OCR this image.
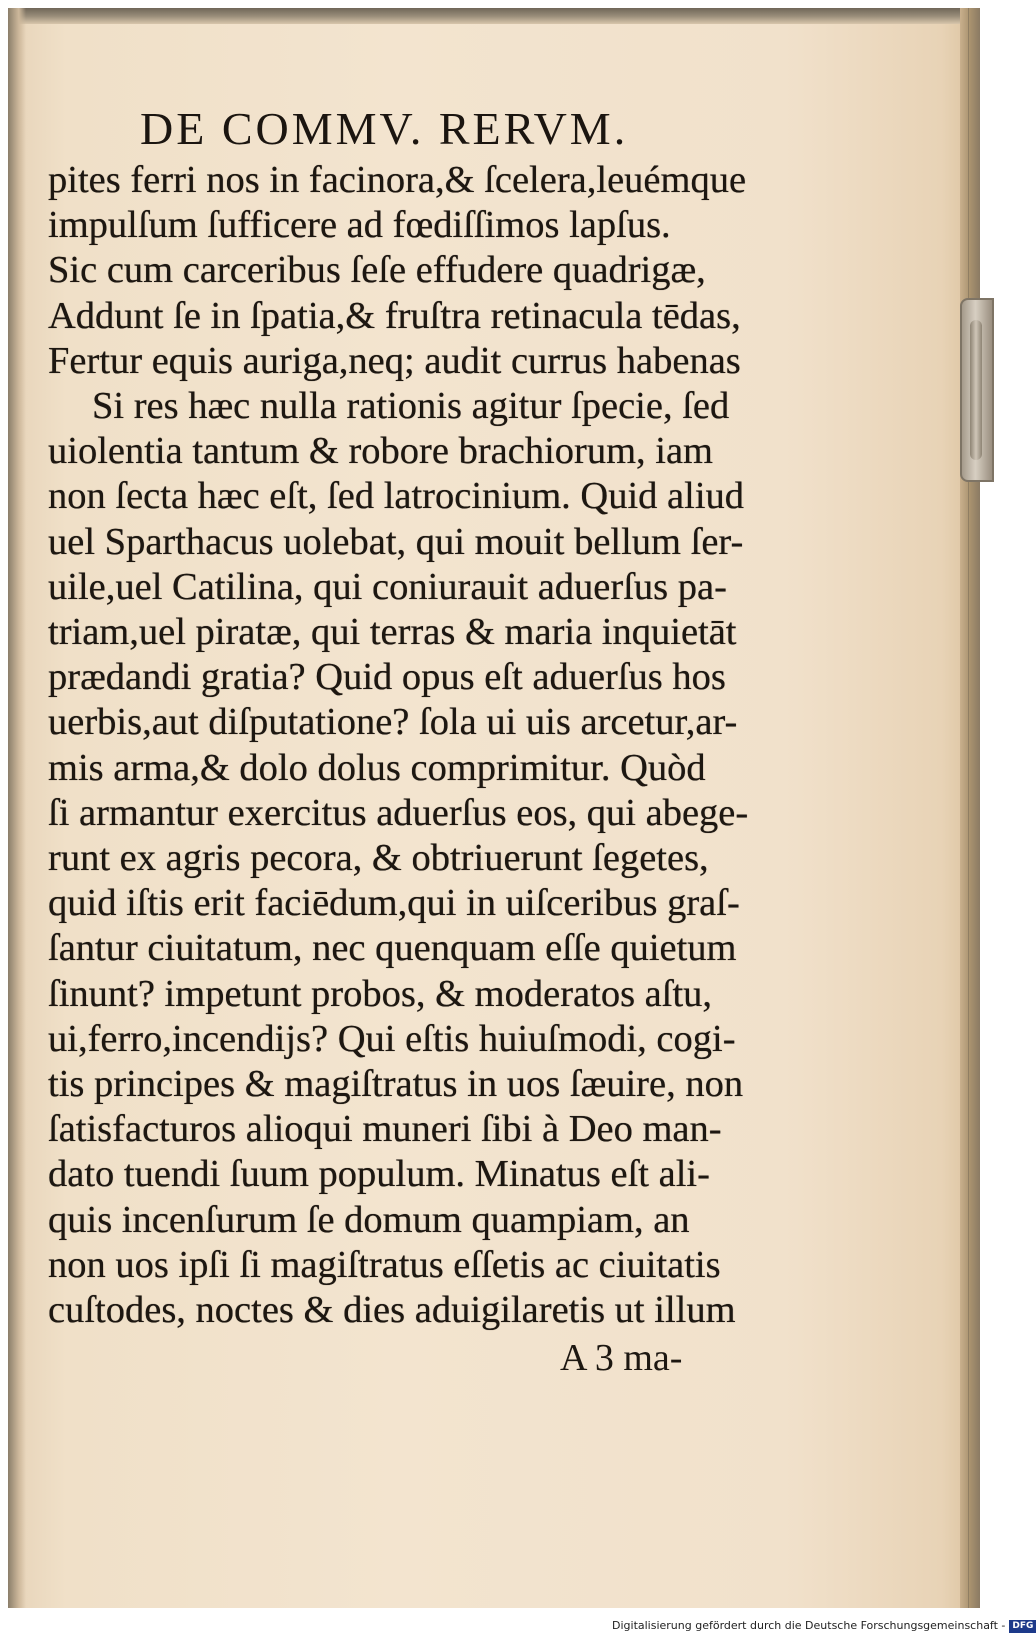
DE COMMV. RERVM.
pites ferri nos in facinora,& ſcelera,leuémque
impulſum ſufficere ad fœdiſſimos lapſus.
Sic cum carceribus ſeſe effudere quadrigæ,
Addunt ſe in ſpatia,& fruſtra retinacula tēdas,
Fertur equis auriga,neq; audit currus habenas
Si res hæc nulla rationis agitur ſpecie, ſed
uiolentia tantum & robore brachiorum, iam
non ſecta hæc eſt, ſed latrocinium. Quid aliud
uel Sparthacus uolebat, qui mouit bellum ſer-
uile,uel Catilina, qui coniurauit aduerſus pa-
triam,uel piratæ, qui terras & maria inquietāt
prædandi gratia? Quid opus eſt aduerſus hos
uerbis,aut diſputatione? ſola ui uis arcetur,ar-
mis arma,& dolo dolus comprimitur. Quòd
ſi armantur exercitus aduerſus eos, qui abege-
runt ex agris pecora, & obtriuerunt ſegetes,
quid iſtis erit faciēdum,qui in uiſceribus graſ-
ſantur ciuitatum, nec quenquam eſſe quietum
ſinunt? impetunt probos, & moderatos aſtu,
ui,ferro,incendijs? Qui eſtis huiuſmodi, cogi-
tis principes & magiſtratus in uos ſæuire, non
ſatisfacturos alioqui muneri ſibi à Deo man-
dato tuendi ſuum populum. Minatus eſt ali-
quis incenſurum ſe domum quampiam, an
non uos ipſi ſi magiſtratus eſſetis ac ciuitatis
cuſtodes, noctes & dies aduigilaretis ut illum
A 3 ma-
Digitalisierung gefördert durch die Deutsche Forschungsgemeinschaft - DFG
